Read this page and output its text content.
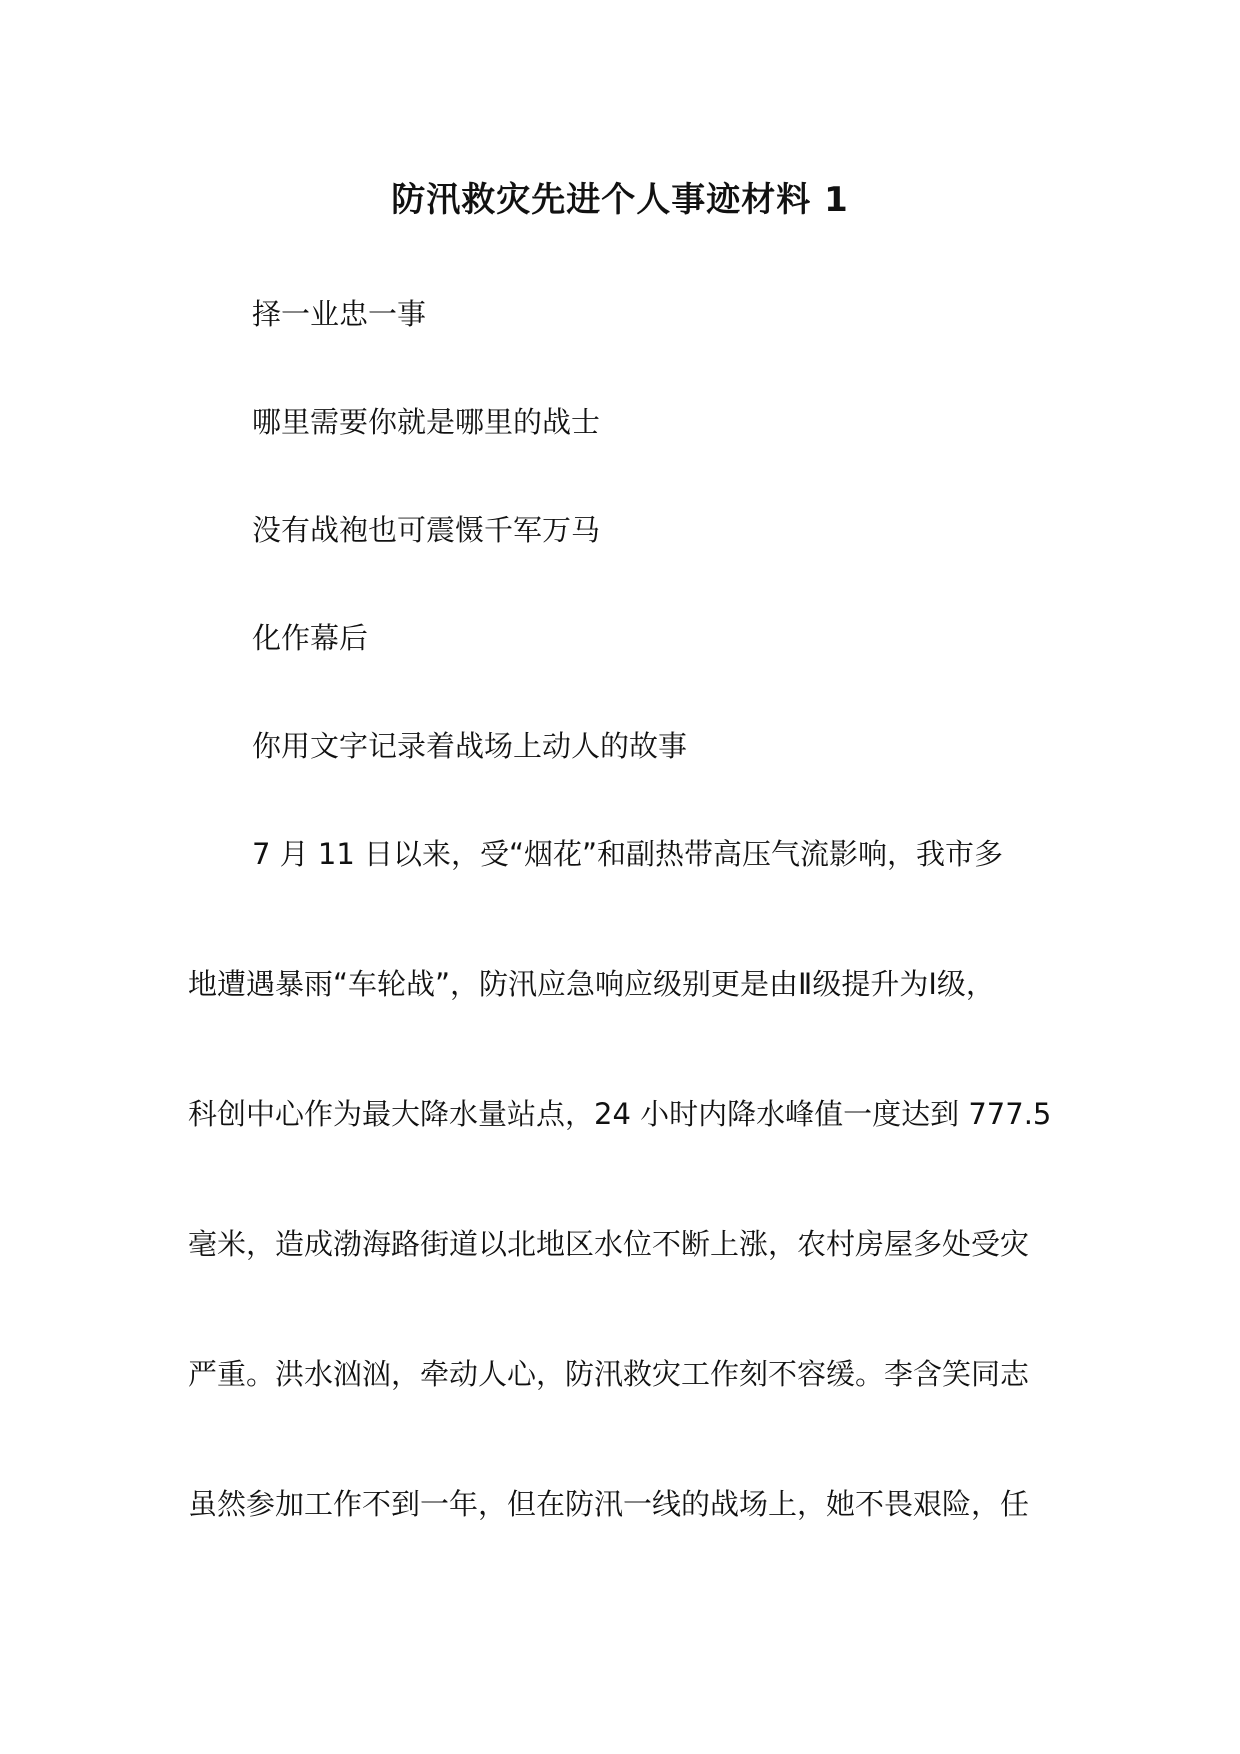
防汛救灾先进个人事迹材料 1

择一业忠一事

哪里需要你就是哪里的战士

没有战袍也可震慑千军万马

化作幕后

你用文字记录着战场上动人的故事

7 月 11 日以来，受“烟花”和副热带高压气流影响，我市多

地遭遇暴雨“车轮战”，防汛应急响应级别更是由Ⅱ级提升为Ⅰ级，

科创中心作为最大降水量站点，24 小时内降水峰值一度达到 777.5

毫米，造成渤海路街道以北地区水位不断上涨，农村房屋多处受灾

严重。洪水汹汹，牵动人心，防汛救灾工作刻不容缓。李含笑同志

虽然参加工作不到一年，但在防汛一线的战场上，她不畏艰险，任
